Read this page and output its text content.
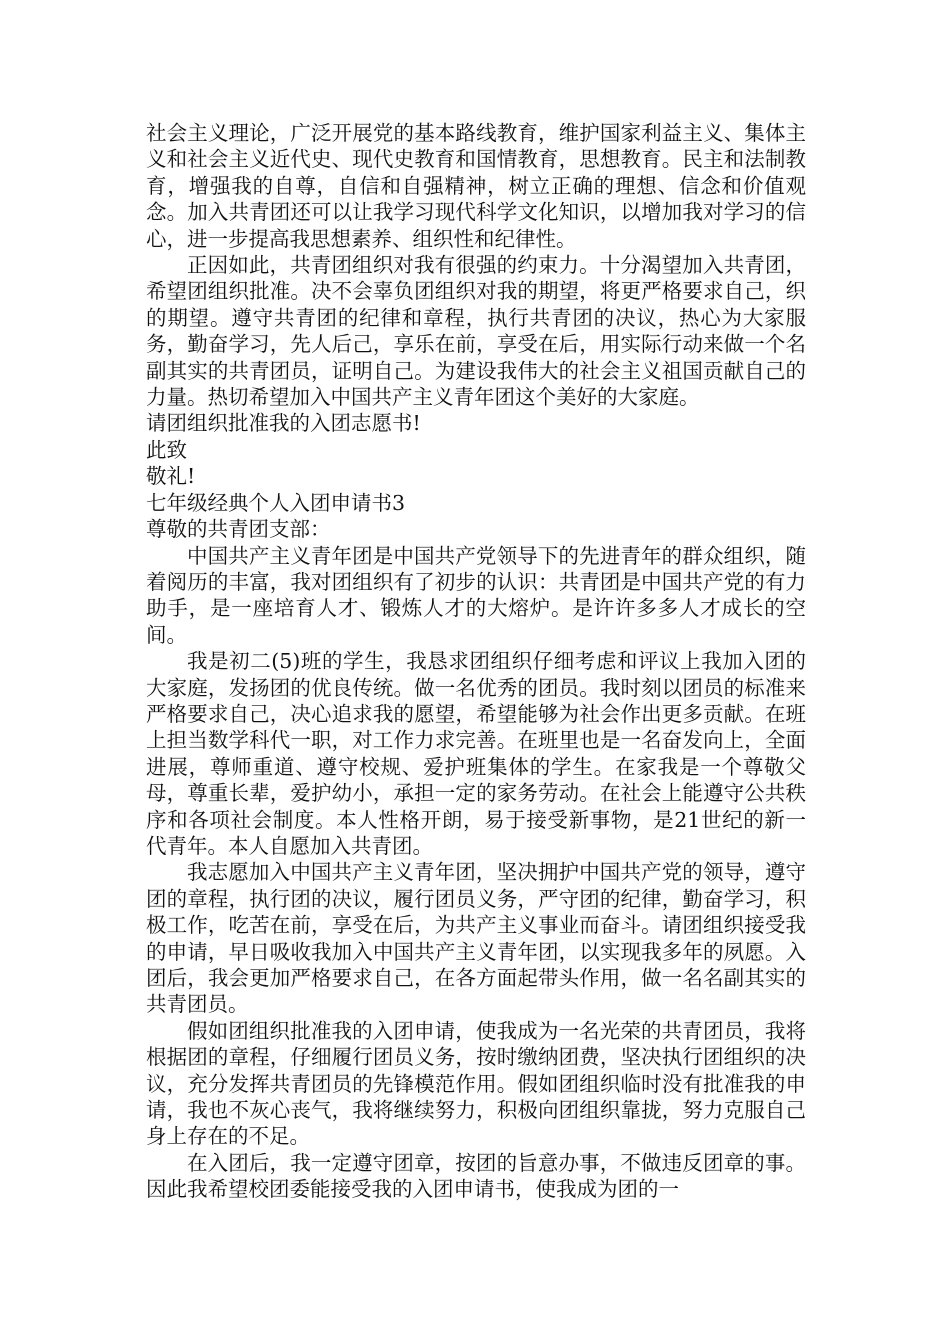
社会主义理论，广泛开展党的基本路线教育，维护国家利益主义、集体主义和社会主义近代史、现代史教育和国情教育，思想教育。民主和法制教育，增强我的自尊，自信和自强精神，树立正确的理想、信念和价值观念。加入共青团还可以让我学习现代科学文化知识，以增加我对学习的信心，进一步提高我思想素养、组织性和纪律性。

正因如此，共青团组织对我有很强的约束力。十分渴望加入共青团，希望团组织批准。决不会辜负团组织对我的期望，将更严格要求自己，织的期望。遵守共青团的纪律和章程，执行共青团的决议，热心为大家服务，勤奋学习，先人后己，享乐在前，享受在后，用实际行动来做一个名副其实的共青团员，证明自己。为建设我伟大的社会主义祖国贡献自己的力量。热切希望加入中国共产主义青年团这个美好的大家庭。

请团组织批准我的入团志愿书!

此致

敬礼!

七年级经典个人入团申请书3

尊敬的共青团支部：

中国共产主义青年团是中国共产党领导下的先进青年的群众组织，随着阅历的丰富，我对团组织有了初步的认识：共青团是中国共产党的有力助手，是一座培育人才、锻炼人才的大熔炉。是许许多多人才成长的空间。

我是初二(5)班的学生，我恳求团组织仔细考虑和评议上我加入团的大家庭，发扬团的优良传统。做一名优秀的团员。我时刻以团员的标准来严格要求自己，决心追求我的愿望，希望能够为社会作出更多贡献。在班上担当数学科代一职，对工作力求完善。在班里也是一名奋发向上，全面进展，尊师重道、遵守校规、爱护班集体的学生。在家我是一个尊敬父母，尊重长辈，爱护幼小，承担一定的家务劳动。在社会上能遵守公共秩序和各项社会制度。本人性格开朗，易于接受新事物，是21世纪的新一代青年。本人自愿加入共青团。

我志愿加入中国共产主义青年团，坚决拥护中国共产党的领导，遵守团的章程，执行团的决议，履行团员义务，严守团的纪律，勤奋学习，积极工作，吃苦在前，享受在后，为共产主义事业而奋斗。请团组织接受我的申请，早日吸收我加入中国共产主义青年团，以实现我多年的夙愿。入团后，我会更加严格要求自己，在各方面起带头作用，做一名名副其实的共青团员。

假如团组织批准我的入团申请，使我成为一名光荣的共青团员，我将根据团的章程，仔细履行团员义务，按时缴纳团费，坚决执行团组织的决议，充分发挥共青团员的先锋模范作用。假如团组织临时没有批准我的申请，我也不灰心丧气，我将继续努力，积极向团组织靠拢，努力克服自己身上存在的不足。

在入团后，我一定遵守团章，按团的旨意办事，不做违反团章的事。因此我希望校团委能接受我的入团申请书，使我成为团的一
